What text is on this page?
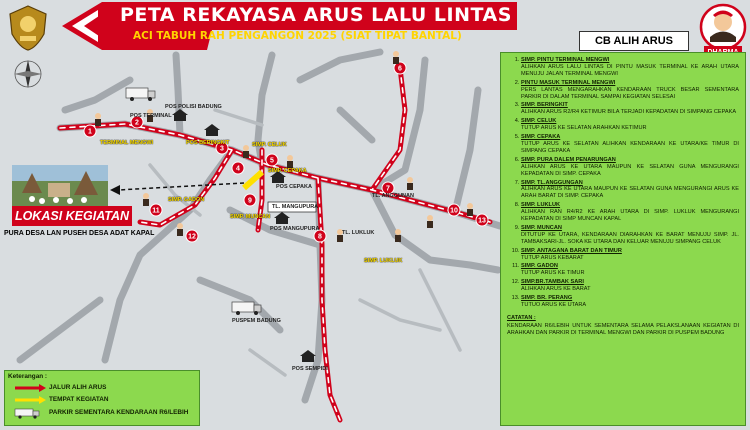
1
2
3
4
5
6
7
8
9
10
11
12
13
PETA REKAYASA ARUS LALU LINTAS
ACI TABUH RAH PENGANGON 2025 (SIAT TIPAT BANTAL)	CB ALIH ARUS
1. SIMP. PINTU TERMINAL MENGWI
ALIHKAN ARUS LALU LINTAS DI PINTU MASUK TERMINAL KE ARAH UTARA MENUJU JALAN TERMINAL MENGWI
2. PINTU MASUK TERMINAL MENGWI
PERS LANTAS MENGARAHKAN KENDARAAN TRUCK BESAR SEMENTARA PARKIR DI DALAM TERMINAL SAMPAI KEGIATAN SELESAI
3. SIMP. BERINGKIT
ALIHKAN ARUS R2/R4 KETIMUR BILA TERJADI KEPADATAN DI SIMPANG CEPAKA
4. SIMP. CELUK
TUTUP ARUS KE SELATAN ARAHKAN KETIMUR
5. SIMP. CEPAKA
TUTUP ARUS KE SELATAN ALIHKAN KENDARAAN KE UTARA/KE TIMUR DI SIMPANG CEPAKA
6. SIMP. PURA DALEM PENARUNGAN
ALIHKAN ARUS KE UTARA MAUPUN KE SELATAN GUNA MENGURANGI KEPADATAN DI SIMP. CEPAKA
7. SIMP. TL.ANGGUNGAN
ALIHKAN ARUS KE UTARA MAUPUN KE SELATAN GUNA MENGURANGI ARUS KE ARAH BARAT DI SIMP. CEPAKA
8. SIMP. LUKLUK
ALIHKAN RAN R4/R2 KE ARAH UTARA DI SIMP. LUKLUK MENGURANGI KEPADATAN DI SIMP MUNCAN KAPAL
9. SIMP. MUNCAN
DITUTUP KE UTARA, KENDARAAN DIARAHKAN KE BARAT MENUJU SIMP. JL. TAMBAKSARI-JL. SOKA KE UTARA DAN KELUAR MENUJU SIMPANG CELUK
10. SIMP. ANTAGANA BARAT DAN TIMUR
TUTUP ARUS KEBARAT
11. SIMP. GADON
TUTUP ARUS KE TIMUR
12. SIMP.BR.TAMBAK SARI
ALIHKAN ARUS KE BARAT
13. SIMP. BR. PERANG
TUTUO ARUS KE UTARA
CATATAN :
KENDARAAN R6/LEBIH UNTUK SEMENTARA SELAMA PELAKSLANAAN KEGIATAN DI ARAHKAN DAN PARKIR DI TERMINAL MENGWI DAN PARKIR DI PUSPEM BADUNG
LOKASI KEGIATAN
PURA DESA LAN PUSEH DESA ADAT KAPAL
TERMINAL MENGWI	POS BERINGKIT	SIMP. CELUK
SIMP. CEPAKA
SIMP. GADON
SIMP. LUKLUK
SIMP. MUNCAN
TL. ANGGUNAN
TL. LUKLUK
POS CEPAKA
TL. MANGUPURA
POS MANGUPURA
PUSPEM BADUNG
POS SEMPIDI
POS POLISI BADUNG
POS TERMINAL
Keterangan :
JALUR ALIH ARUS
TEMPAT KEGIATAN
PARKIR SEMENTARA KENDARAAN R6/LEBIH
